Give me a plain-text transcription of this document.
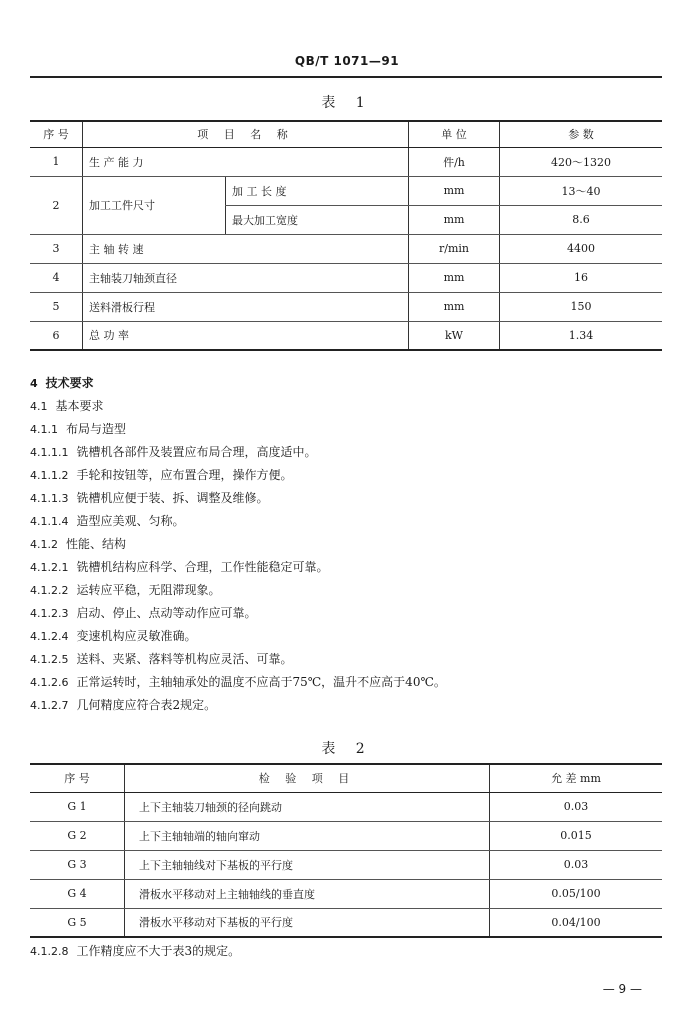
QB/T 1071—91
表 1
序 号	项 目 名 称		单 位	参 数
1	生 产 能 力		件/h	420～1320
2	加工工件尺寸	加 工 长 度	mm	13～40
		最大加工宽度	mm	8.6
3	主 轴 转 速		r/min	4400
4	主轴装刀轴颈直径		mm	16
5	送料滑板行程		mm	150
6	总 功 率		kW	1.34
4 技术要求
4.1 基本要求
4.1.1 布局与造型
4.1.1.1 铣槽机各部件及装置应布局合理，高度适中。
4.1.1.2 手轮和按钮等，应布置合理，操作方便。
4.1.1.3 铣槽机应便于装、拆、调整及维修。
4.1.1.4 造型应美观、匀称。
4.1.2 性能、结构
4.1.2.1 铣槽机结构应科学、合理，工作性能稳定可靠。
4.1.2.2 运转应平稳，无阻滞现象。
4.1.2.3 启动、停止、点动等动作应可靠。
4.1.2.4 变速机构应灵敏准确。
4.1.2.5 送料、夹紧、落料等机构应灵活、可靠。
4.1.2.6 正常运转时，主轴轴承处的温度不应高于75℃，温升不应高于40℃。
4.1.2.7 几何精度应符合表2规定。
表 2
序 号	检 验 项 目	允 差 mm
G 1	上下主轴装刀轴颈的径向跳动	0.03
G 2	上下主轴轴端的轴向窜动	0.015
G 3	上下主轴轴线对下基板的平行度	0.03
G 4	滑板水平移动对上主轴轴线的垂直度	0.05/100
G 5	滑板水平移动对下基板的平行度	0.04/100
4.1.2.8 工作精度应不大于表3的规定。
— 9 —
